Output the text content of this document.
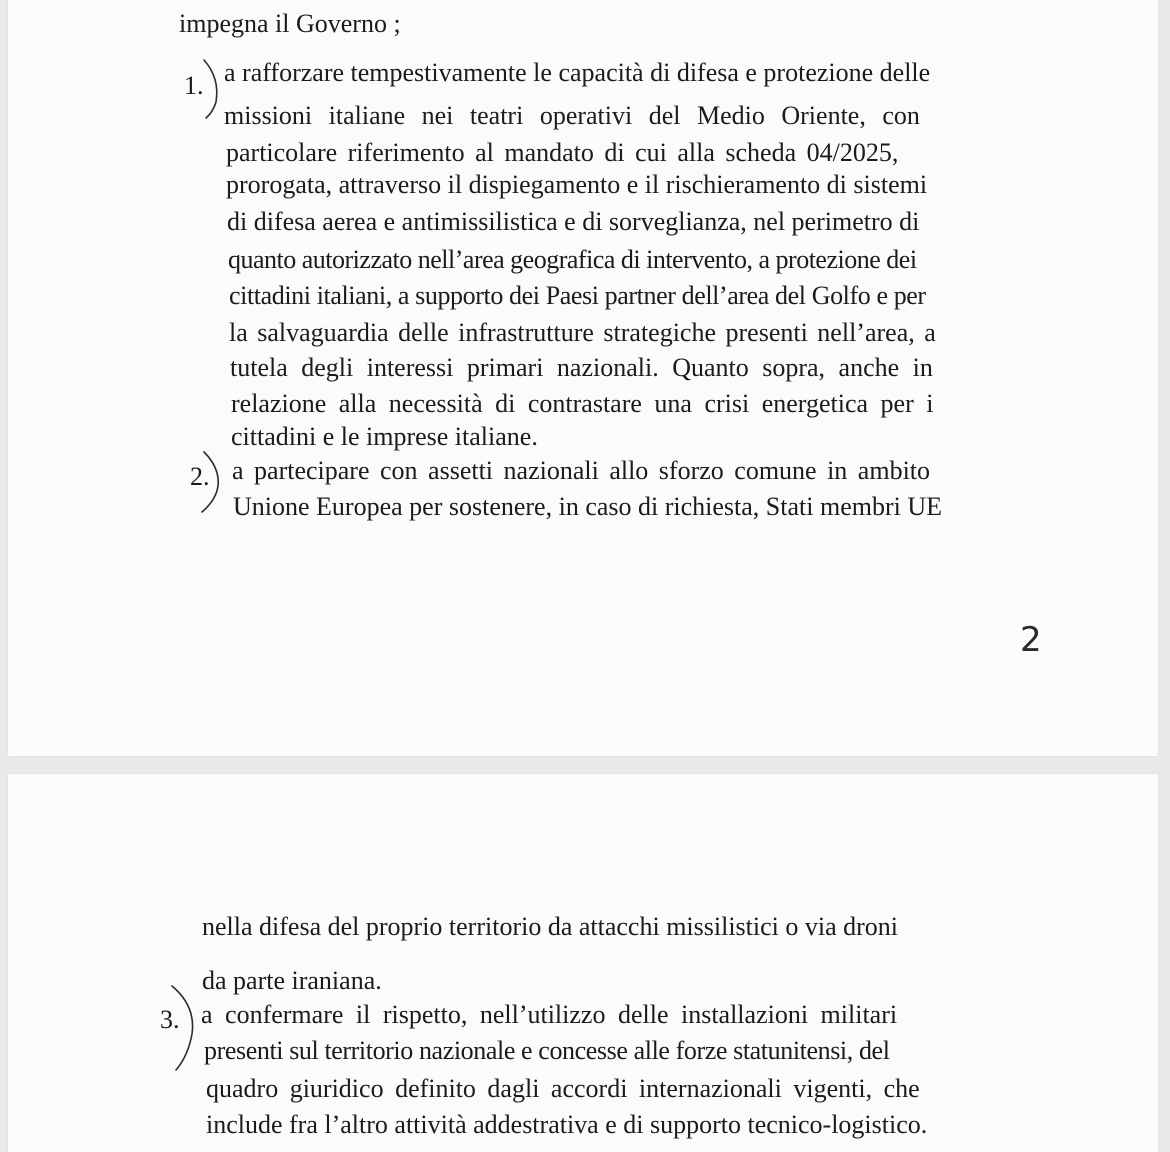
impegna il Governo ;
1. a rafforzare tempestivamente le capacità di difesa e protezione delle
missioni italiane nei teatri operativi del Medio Oriente, con
particolare riferimento al mandato di cui alla scheda 04/2025,
prorogata, attraverso il dispiegamento e il rischieramento di sistemi
di difesa aerea e antimissilistica e di sorveglianza, nel perimetro di
quanto autorizzato nell’area geografica di intervento, a protezione dei
cittadini italiani, a supporto dei Paesi partner dell’area del Golfo e per
la salvaguardia delle infrastrutture strategiche presenti nell’area, a
tutela degli interessi primari nazionali. Quanto sopra, anche in
relazione alla necessità di contrastare una crisi energetica per i
cittadini e le imprese italiane.
2. a partecipare con assetti nazionali allo sforzo comune in ambito
Unione Europea per sostenere, in caso di richiesta, Stati membri UE
2
nella difesa del proprio territorio da attacchi missilistici o via droni
da parte iraniana.
3. a confermare il rispetto, nell’utilizzo delle installazioni militari
presenti sul territorio nazionale e concesse alle forze statunitensi, del
quadro giuridico definito dagli accordi internazionali vigenti, che
include fra l’altro attività addestrativa e di supporto tecnico-logistico.
